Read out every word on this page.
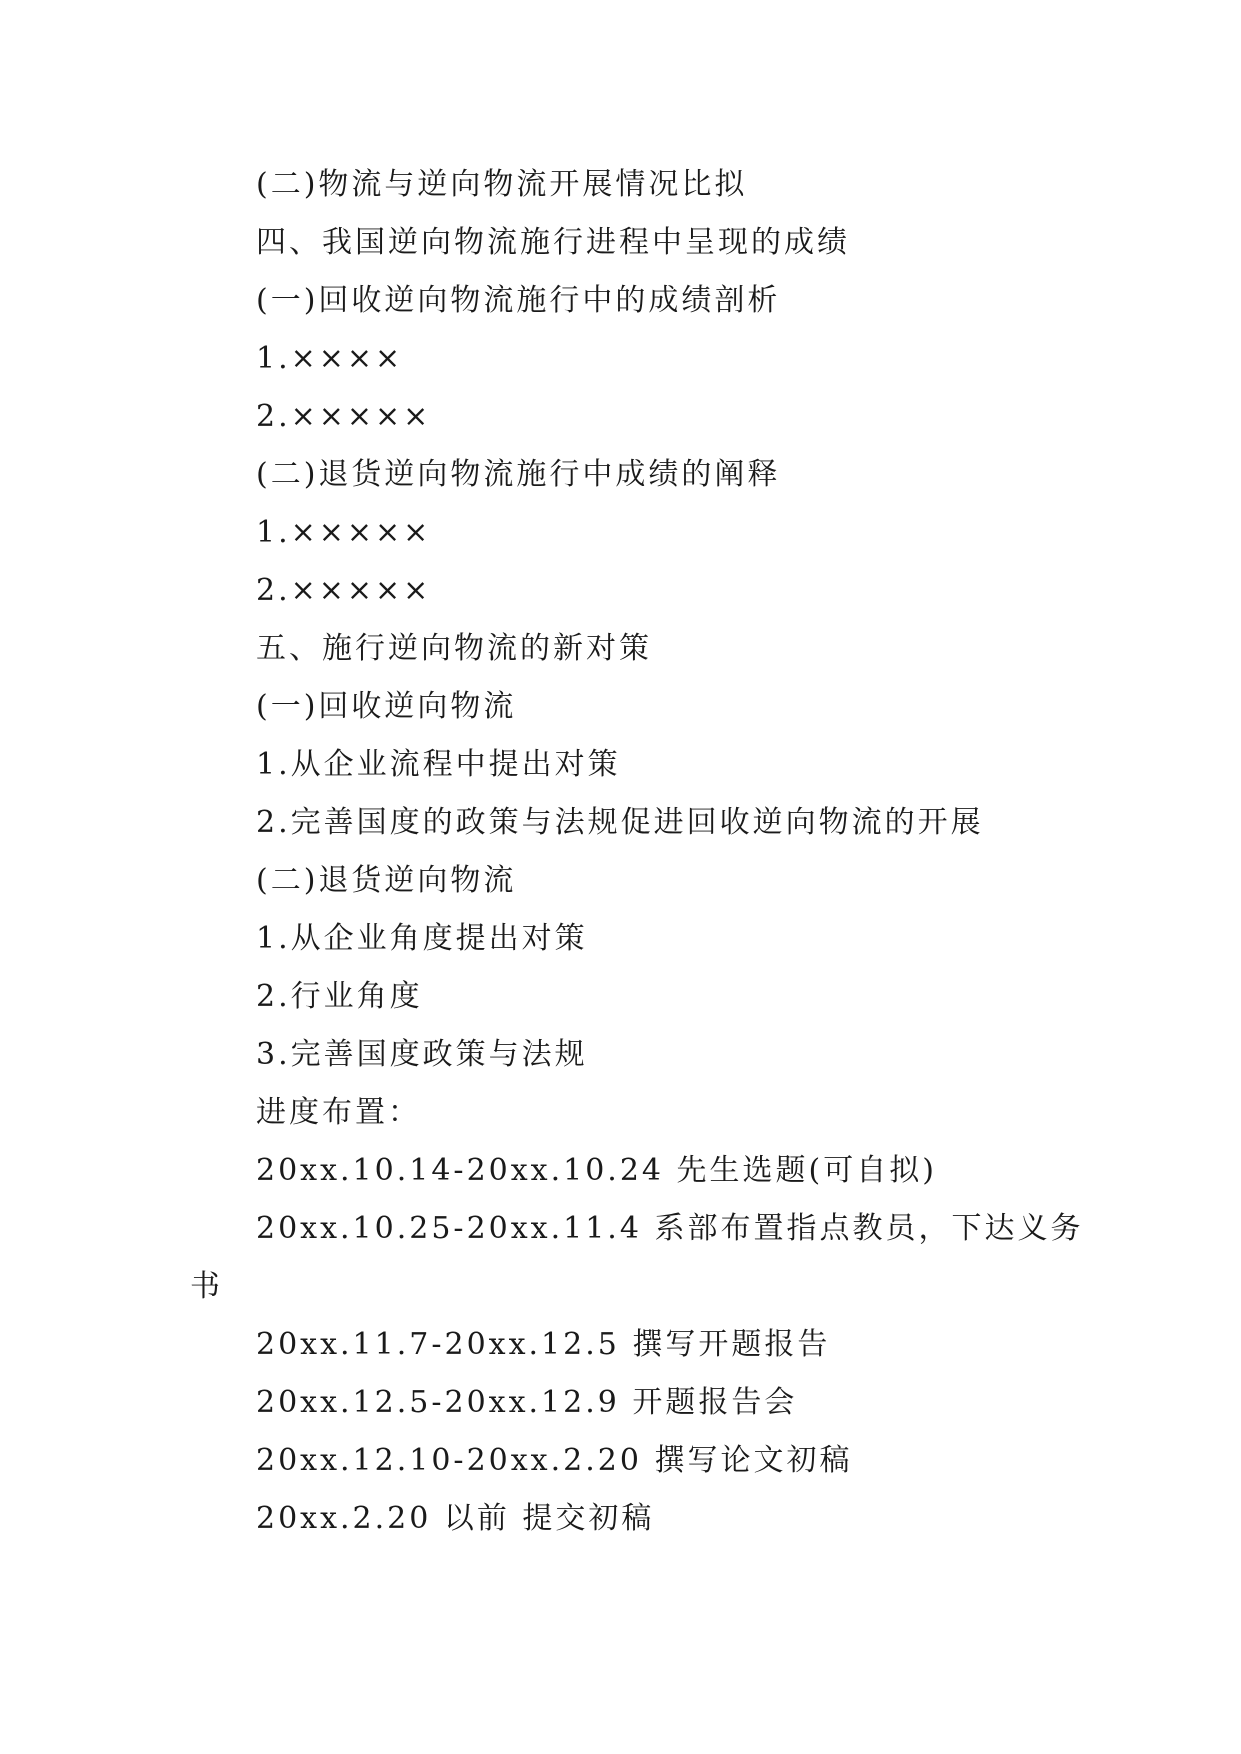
(二)物流与逆向物流开展情况比拟
四、我国逆向物流施行进程中呈现的成绩
(一)回收逆向物流施行中的成绩剖析
1.××××
2.×××××
(二)退货逆向物流施行中成绩的阐释
1.×××××
2.×××××
五、施行逆向物流的新对策
(一)回收逆向物流
1.从企业流程中提出对策
2.完善国度的政策与法规促进回收逆向物流的开展
(二)退货逆向物流
1.从企业角度提出对策
2.行业角度
3.完善国度政策与法规
进度布置：
20xx.10.14-20xx.10.24 先生选题(可自拟)
20xx.10.25-20xx.11.4 系部布置指点教员，下达义务
书
20xx.11.7-20xx.12.5 撰写开题报告
20xx.12.5-20xx.12.9 开题报告会
20xx.12.10-20xx.2.20 撰写论文初稿
20xx.2.20 以前 提交初稿
